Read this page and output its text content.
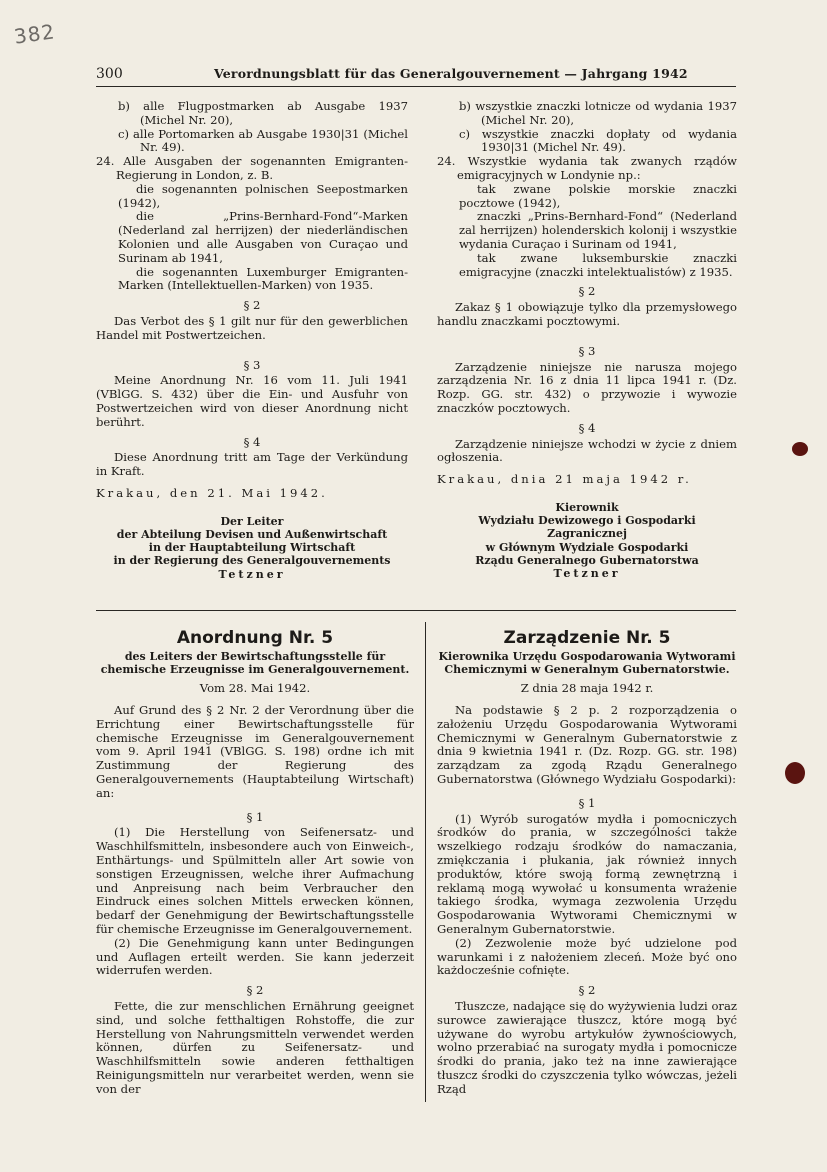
382
300	Verordnungsblatt für das Generalgouvernement — Jahrgang 1942

b) alle Flugpostmarken ab Ausgabe 1937 (Michel Nr. 20),

c) alle Portomarken ab Ausgabe 1930|31 (Michel Nr. 49).

24. Alle Ausgaben der sogenannten Emigranten-Regierung in London, z. B.

die sogenannten polnischen Seepostmarken (1942),

die „Prins-Bernhard-Fond“-Marken (Nederland zal herrijzen) der niederländischen Kolonien und alle Ausgaben von Curaçao und Surinam ab 1941,

die sogenannten Luxemburger Emigranten-Marken (Intellektuellen-Marken) von 1935.

§ 2

Das Verbot des § 1 gilt nur für den gewerblichen Handel mit Postwertzeichen.

§ 3

Meine Anordnung Nr. 16 vom 11. Juli 1941 (VBlGG. S. 432) über die Ein- und Ausfuhr von Postwertzeichen wird von dieser Anordnung nicht berührt.

§ 4

Diese Anordnung tritt am Tage der Verkündung in Kraft.

Krakau, den 21. Mai 1942.

Der Leiter
der Abteilung Devisen und Außenwirtschaft
in der Hauptabteilung Wirtschaft
in der Regierung des Generalgouvernements
Tetzner

b) wszystkie znaczki lotnicze od wydania 1937 (Michel Nr. 20),

c) wszystkie znaczki dopłaty od wydania 1930|31 (Michel Nr. 49).

24. Wszystkie wydania tak zwanych rządów emigracyjnych w Londynie np.:

tak zwane polskie morskie znaczki pocztowe (1942),

znaczki „Prins-Bernhard-Fond“ (Nederland zal herrijzen) holenderskich kolonij i wszystkie wydania Curaçao i Surinam od 1941,

tak zwane luksemburskie znaczki emigracyjne (znaczki intelektualistów) z 1935.

§ 2

Zakaz § 1 obowiązuje tylko dla przemysłowego handlu znaczkami pocztowymi.

§ 3

Zarządzenie niniejsze nie narusza mojego zarządzenia Nr. 16 z dnia 11 lipca 1941 r. (Dz. Rozp. GG. str. 432) o przywozie i wywozie znaczków pocztowych.

§ 4

Zarządzenie niniejsze wchodzi w życie z dniem ogłoszenia.

Krakau, dnia 21 maja 1942 r.

Kierownik
Wydziału Dewizowego i Gospodarki Zagranicznej
w Głównym Wydziale Gospodarki
Rządu Generalnego Gubernatorstwa
Tetzner

Anordnung Nr. 5

des Leiters der Bewirtschaftungsstelle für chemische Erzeugnisse im Generalgouvernement.

Vom 28. Mai 1942.

Auf Grund des § 2 Nr. 2 der Verordnung über die Errichtung einer Bewirtschaftungsstelle für chemische Erzeugnisse im Generalgouvernement vom 9. April 1941 (VBlGG. S. 198) ordne ich mit Zustimmung der Regierung des Generalgouvernements (Hauptabteilung Wirtschaft) an:

§ 1

(1) Die Herstellung von Seifenersatz- und Waschhilfsmitteln, insbesondere auch von Einweich-, Enthärtungs- und Spülmitteln aller Art sowie von sonstigen Erzeugnissen, welche ihrer Aufmachung und Anpreisung nach beim Verbraucher den Eindruck eines solchen Mittels erwecken können, bedarf der Genehmigung der Bewirtschaftungsstelle für chemische Erzeugnisse im Generalgouvernement.

(2) Die Genehmigung kann unter Bedingungen und Auflagen erteilt werden. Sie kann jederzeit widerrufen werden.

§ 2

Fette, die zur menschlichen Ernährung geeignet sind, und solche fetthaltigen Rohstoffe, die zur Herstellung von Nahrungsmitteln verwendet werden können, dürfen zu Seifenersatz- und Waschhilfsmitteln sowie anderen fetthaltigen Reinigungsmitteln nur verarbeitet werden, wenn sie von der

Zarządzenie Nr. 5

Kierownika Urzędu Gospodarowania Wytworami Chemicznymi w Generalnym Gubernatorstwie.

Z dnia 28 maja 1942 r.

Na podstawie § 2 p. 2 rozporządzenia o założeniu Urzędu Gospodarowania Wytworami Chemicznymi w Generalnym Gubernatorstwie z dnia 9 kwietnia 1941 r. (Dz. Rozp. GG. str. 198) zarządzam za zgodą Rządu Generalnego Gubernatorstwa (Głównego Wydziału Gospodarki):

§ 1

(1) Wyrób surogatów mydła i pomocniczych środków do prania, w szczególności także wszelkiego rodzaju środków do namaczania, zmiękczania i płukania, jak również innych produktów, które swoją formą zewnętrzną i reklamą mogą wywołać u konsumenta wrażenie takiego środka, wymaga zezwolenia Urzędu Gospodarowania Wytworami Chemicznymi w Generalnym Gubernatorstwie.

(2) Zezwolenie może być udzielone pod warunkami i z nałożeniem zleceń. Może być ono każdocześnie cofnięte.

§ 2

Tłuszcze, nadające się do wyżywienia ludzi oraz surowce zawierające tłuszcz, które mogą być używane do wyrobu artykułów żywnościowych, wolno przerabiać na surogaty mydła i pomocnicze środki do prania, jako też na inne zawierające tłuszcz środki do czyszczenia tylko wówczas, jeżeli Rząd
